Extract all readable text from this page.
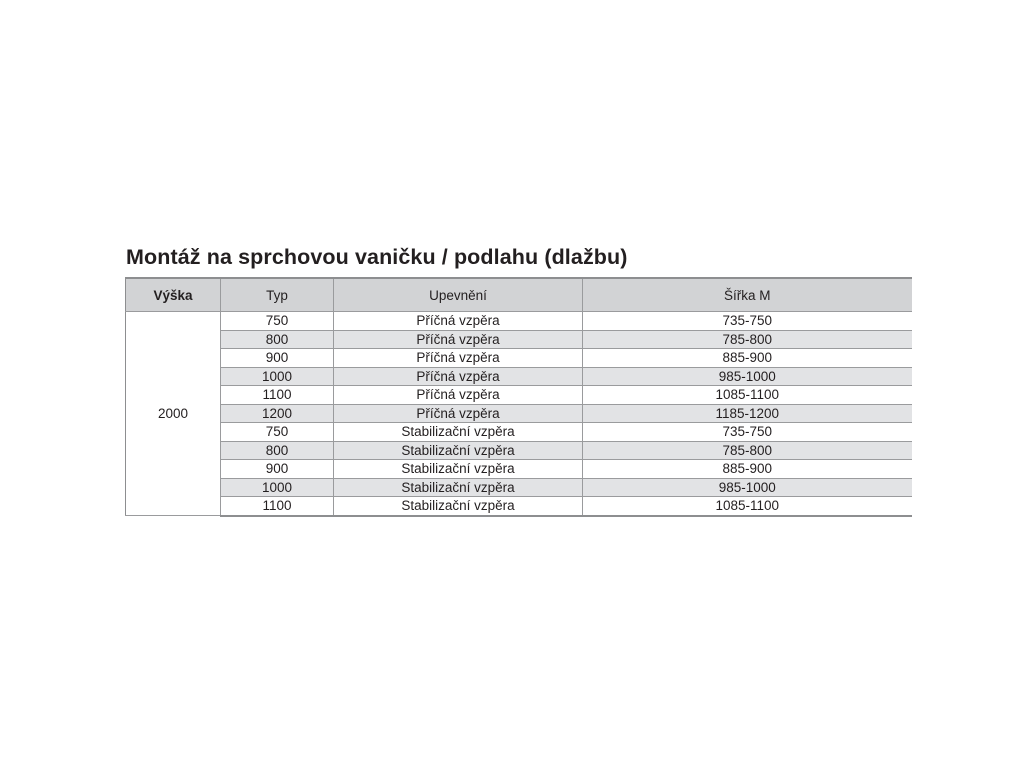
Montáž na sprchovou vaničku / podlahu (dlažbu)
Výška	Typ	Upevnění	Šířka M
2000	750	Příčná vzpěra	735-750
	800	Příčná vzpěra	785-800
	900	Příčná vzpěra	885-900
	1000	Příčná vzpěra	985-1000
	1100	Příčná vzpěra	1085-1100
	1200	Příčná vzpěra	1185-1200
	750	Stabilizační vzpěra	735-750
	800	Stabilizační vzpěra	785-800
	900	Stabilizační vzpěra	885-900
	1000	Stabilizační vzpěra	985-1000
	1100	Stabilizační vzpěra	1085-1100
